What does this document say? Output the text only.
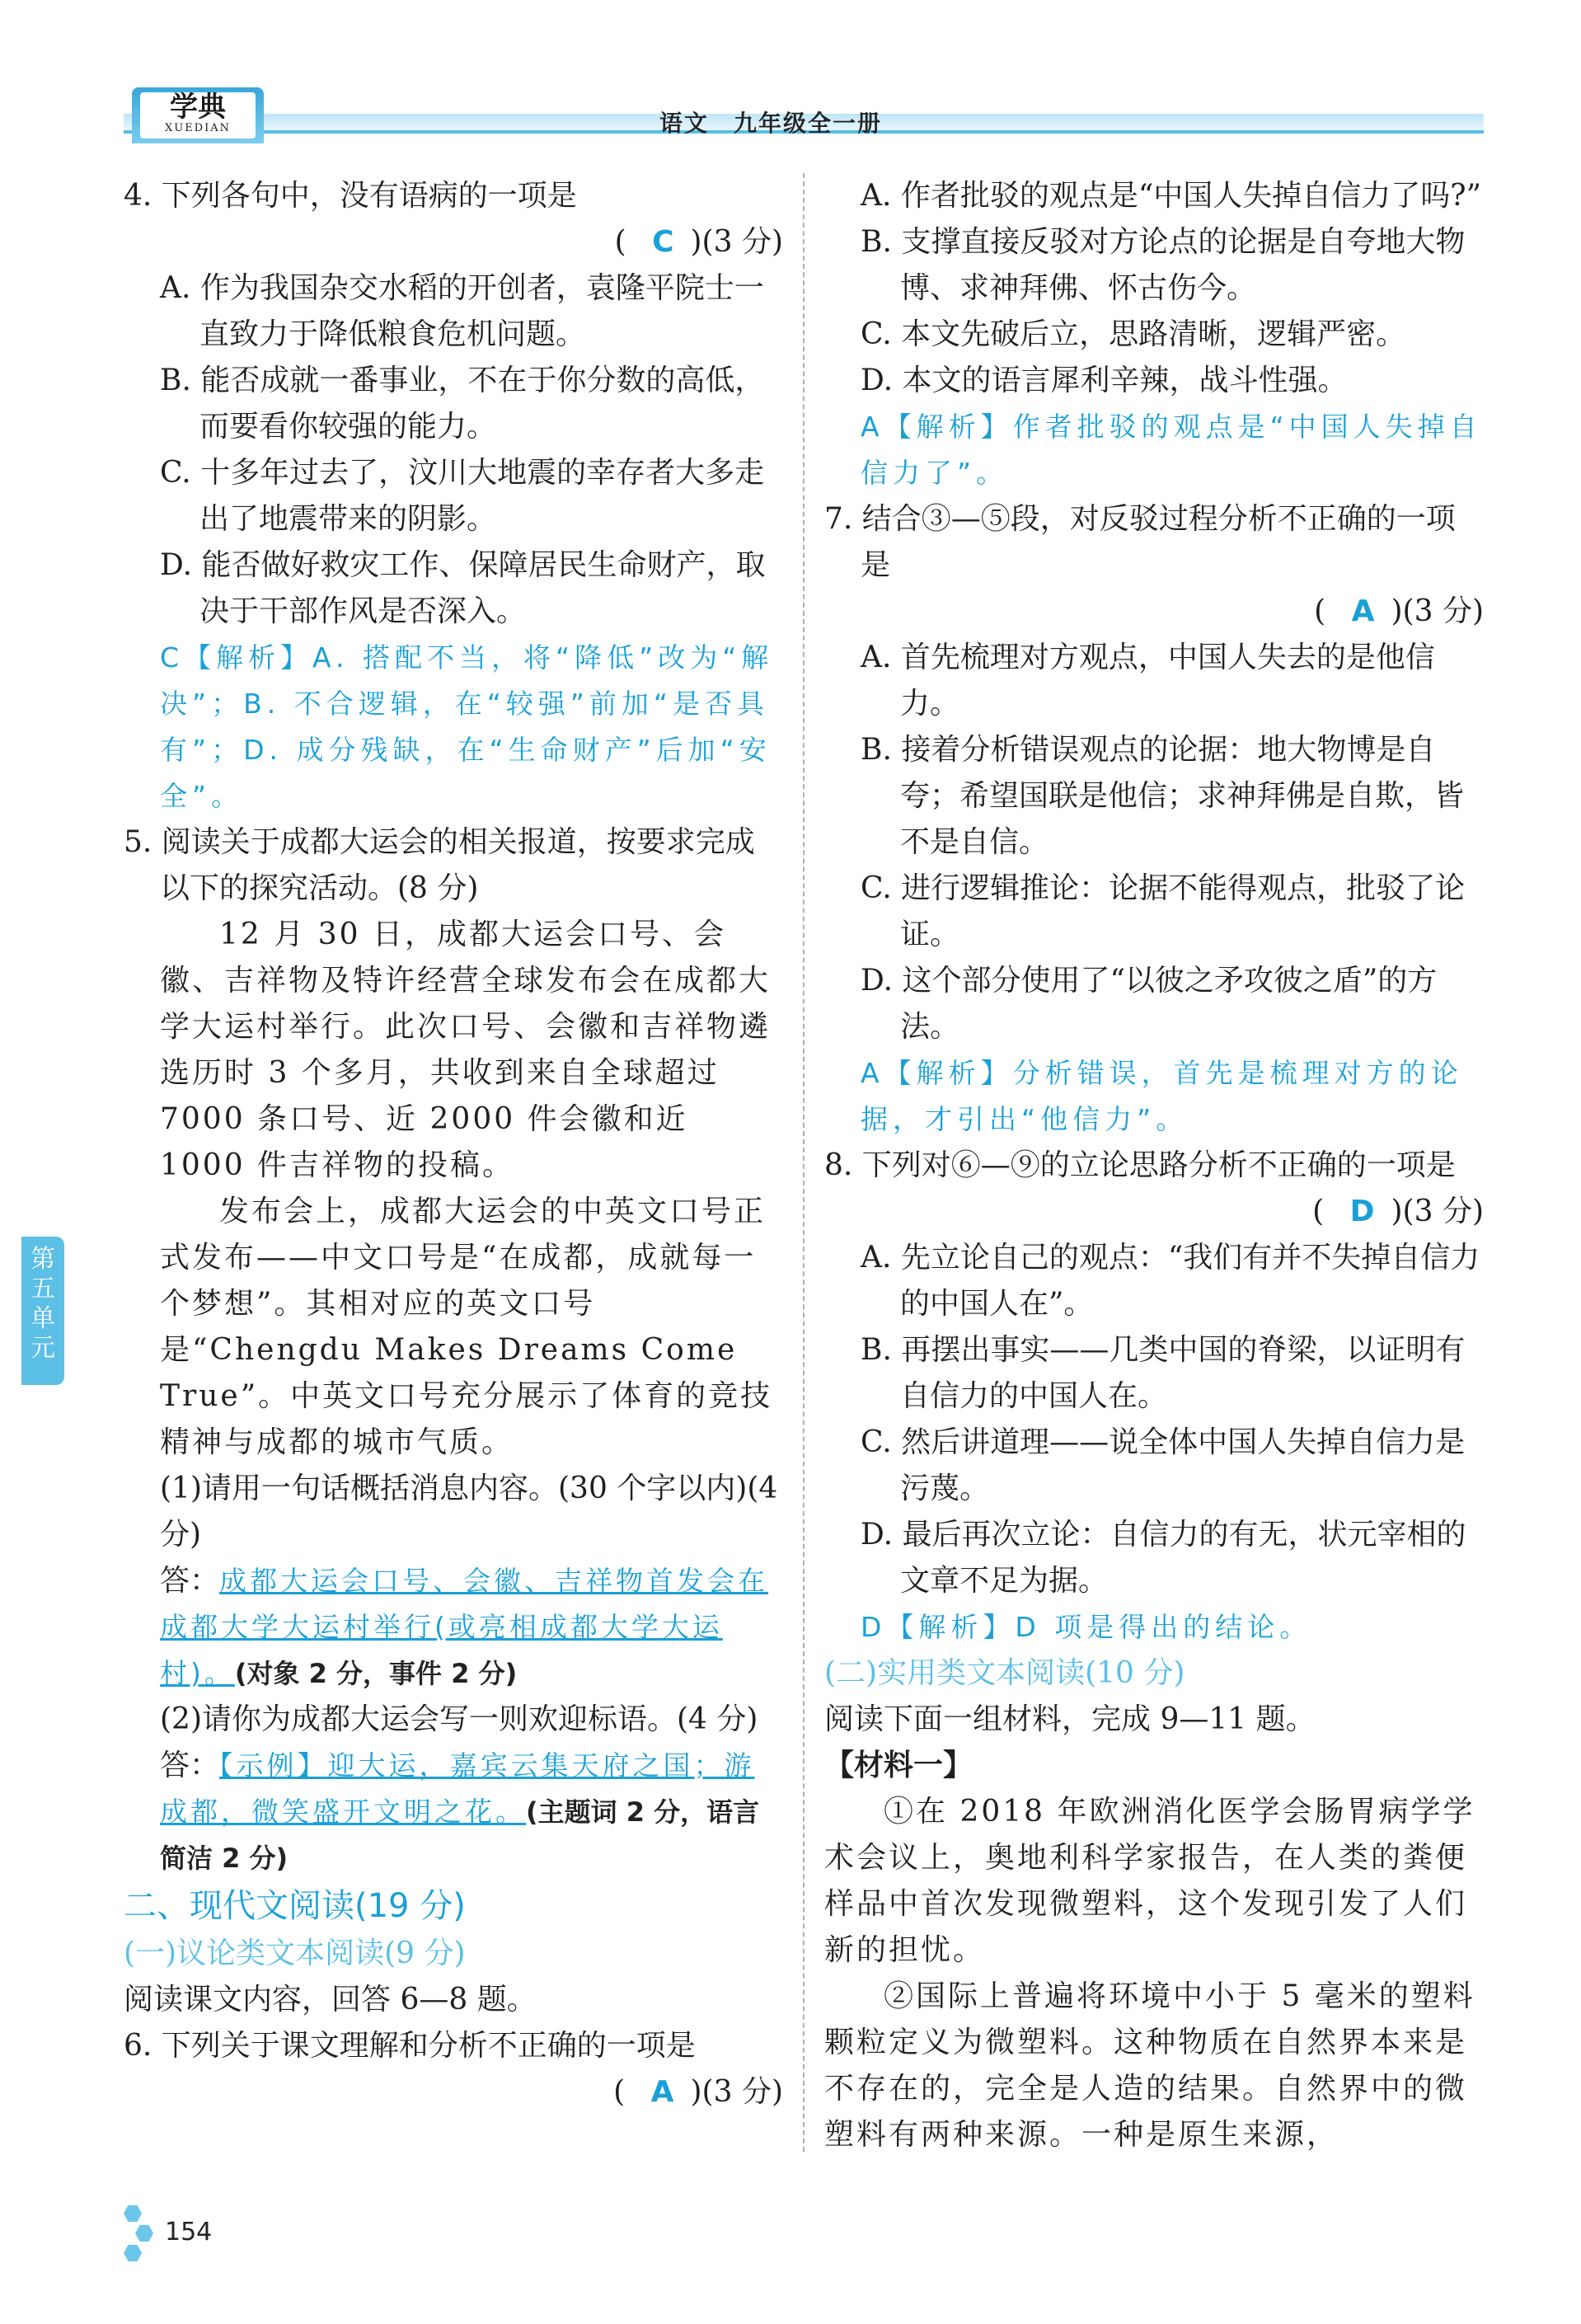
学典
XUEDIAN	语文　九年级全一册

4. 下列各句中，没有语病的一项是

( C )(3 分)

A. 作为我国杂交水稻的开创者，袁隆平院士一直致力于降低粮食危机问题。

B. 能否成就一番事业，不在于你分数的高低，而要看你较强的能力。

C. 十多年过去了，汶川大地震的幸存者大多走出了地震带来的阴影。

D. 能否做好救灾工作、保障居民生命财产，取决于干部作风是否深入。

C【解析】A. 搭配不当，将“降低”改为“解决”；B. 不合逻辑，在“较强”前加“是否具有”；D. 成分残缺，在“生命财产”后加“安全”。

5. 阅读关于成都大运会的相关报道，按要求完成以下的探究活动。(8 分)

12 月 30 日，成都大运会口号、会徽、吉祥物及特许经营全球发布会在成都大学大运村举行。此次口号、会徽和吉祥物遴选历时 3 个多月，共收到来自全球超过 7000 条口号、近 2000 件会徽和近 1000 件吉祥物的投稿。

发布会上，成都大运会的中英文口号正式发布——中文口号是“在成都，成就每一个梦想”。其相对应的英文口号是“Chengdu Makes Dreams Come True”。中英文口号充分展示了体育的竞技精神与成都的城市气质。

(1)请用一句话概括消息内容。(30 个字以内)(4 分)

答：成都大运会口号、会徽、吉祥物首发会在成都大学大运村举行(或亮相成都大学大运村)。(对象 2 分，事件 2 分)

(2)请你为成都大运会写一则欢迎标语。(4 分)

答：【示例】迎大运，嘉宾云集天府之国；游成都，微笑盛开文明之花。(主题词 2 分，语言简洁 2 分)

二、现代文阅读(19 分)

(一)议论类文本阅读(9 分)

阅读课文内容，回答 6—8 题。

6. 下列关于课文理解和分析不正确的一项是

( A )(3 分)

A. 作者批驳的观点是“中国人失掉自信力了吗?”

B. 支撑直接反驳对方论点的论据是自夸地大物博、求神拜佛、怀古伤今。

C. 本文先破后立，思路清晰，逻辑严密。

D. 本文的语言犀利辛辣，战斗性强。

A【解析】作者批驳的观点是“中国人失掉自信力了”。

7. 结合③—⑤段，对反驳过程分析不正确的一项是

( A )(3 分)

A. 首先梳理对方观点，中国人失去的是他信力。

B. 接着分析错误观点的论据：地大物博是自夸；希望国联是他信；求神拜佛是自欺，皆不是自信。

C. 进行逻辑推论：论据不能得观点，批驳了论证。

D. 这个部分使用了“以彼之矛攻彼之盾”的方法。

A【解析】分析错误，首先是梳理对方的论据，才引出“他信力”。

8. 下列对⑥—⑨的立论思路分析不正确的一项是

( D )(3 分)

A. 先立论自己的观点：“我们有并不失掉自信力的中国人在”。

B. 再摆出事实——几类中国的脊梁，以证明有自信力的中国人在。

C. 然后讲道理——说全体中国人失掉自信力是污蔑。

D. 最后再次立论：自信力的有无，状元宰相的文章不足为据。

D【解析】D 项是得出的结论。

(二)实用类文本阅读(10 分)

阅读下面一组材料，完成 9—11 题。

【材料一】

①在 2018 年欧洲消化医学会肠胃病学学术会议上，奥地利科学家报告，在人类的粪便样品中首次发现微塑料，这个发现引发了人们新的担忧。

②国际上普遍将环境中小于 5 毫米的塑料颗粒定义为微塑料。这种物质在自然界本来是不存在的，完全是人造的结果。自然界中的微塑料有两种来源。一种是原生来源，

第五单元
154
